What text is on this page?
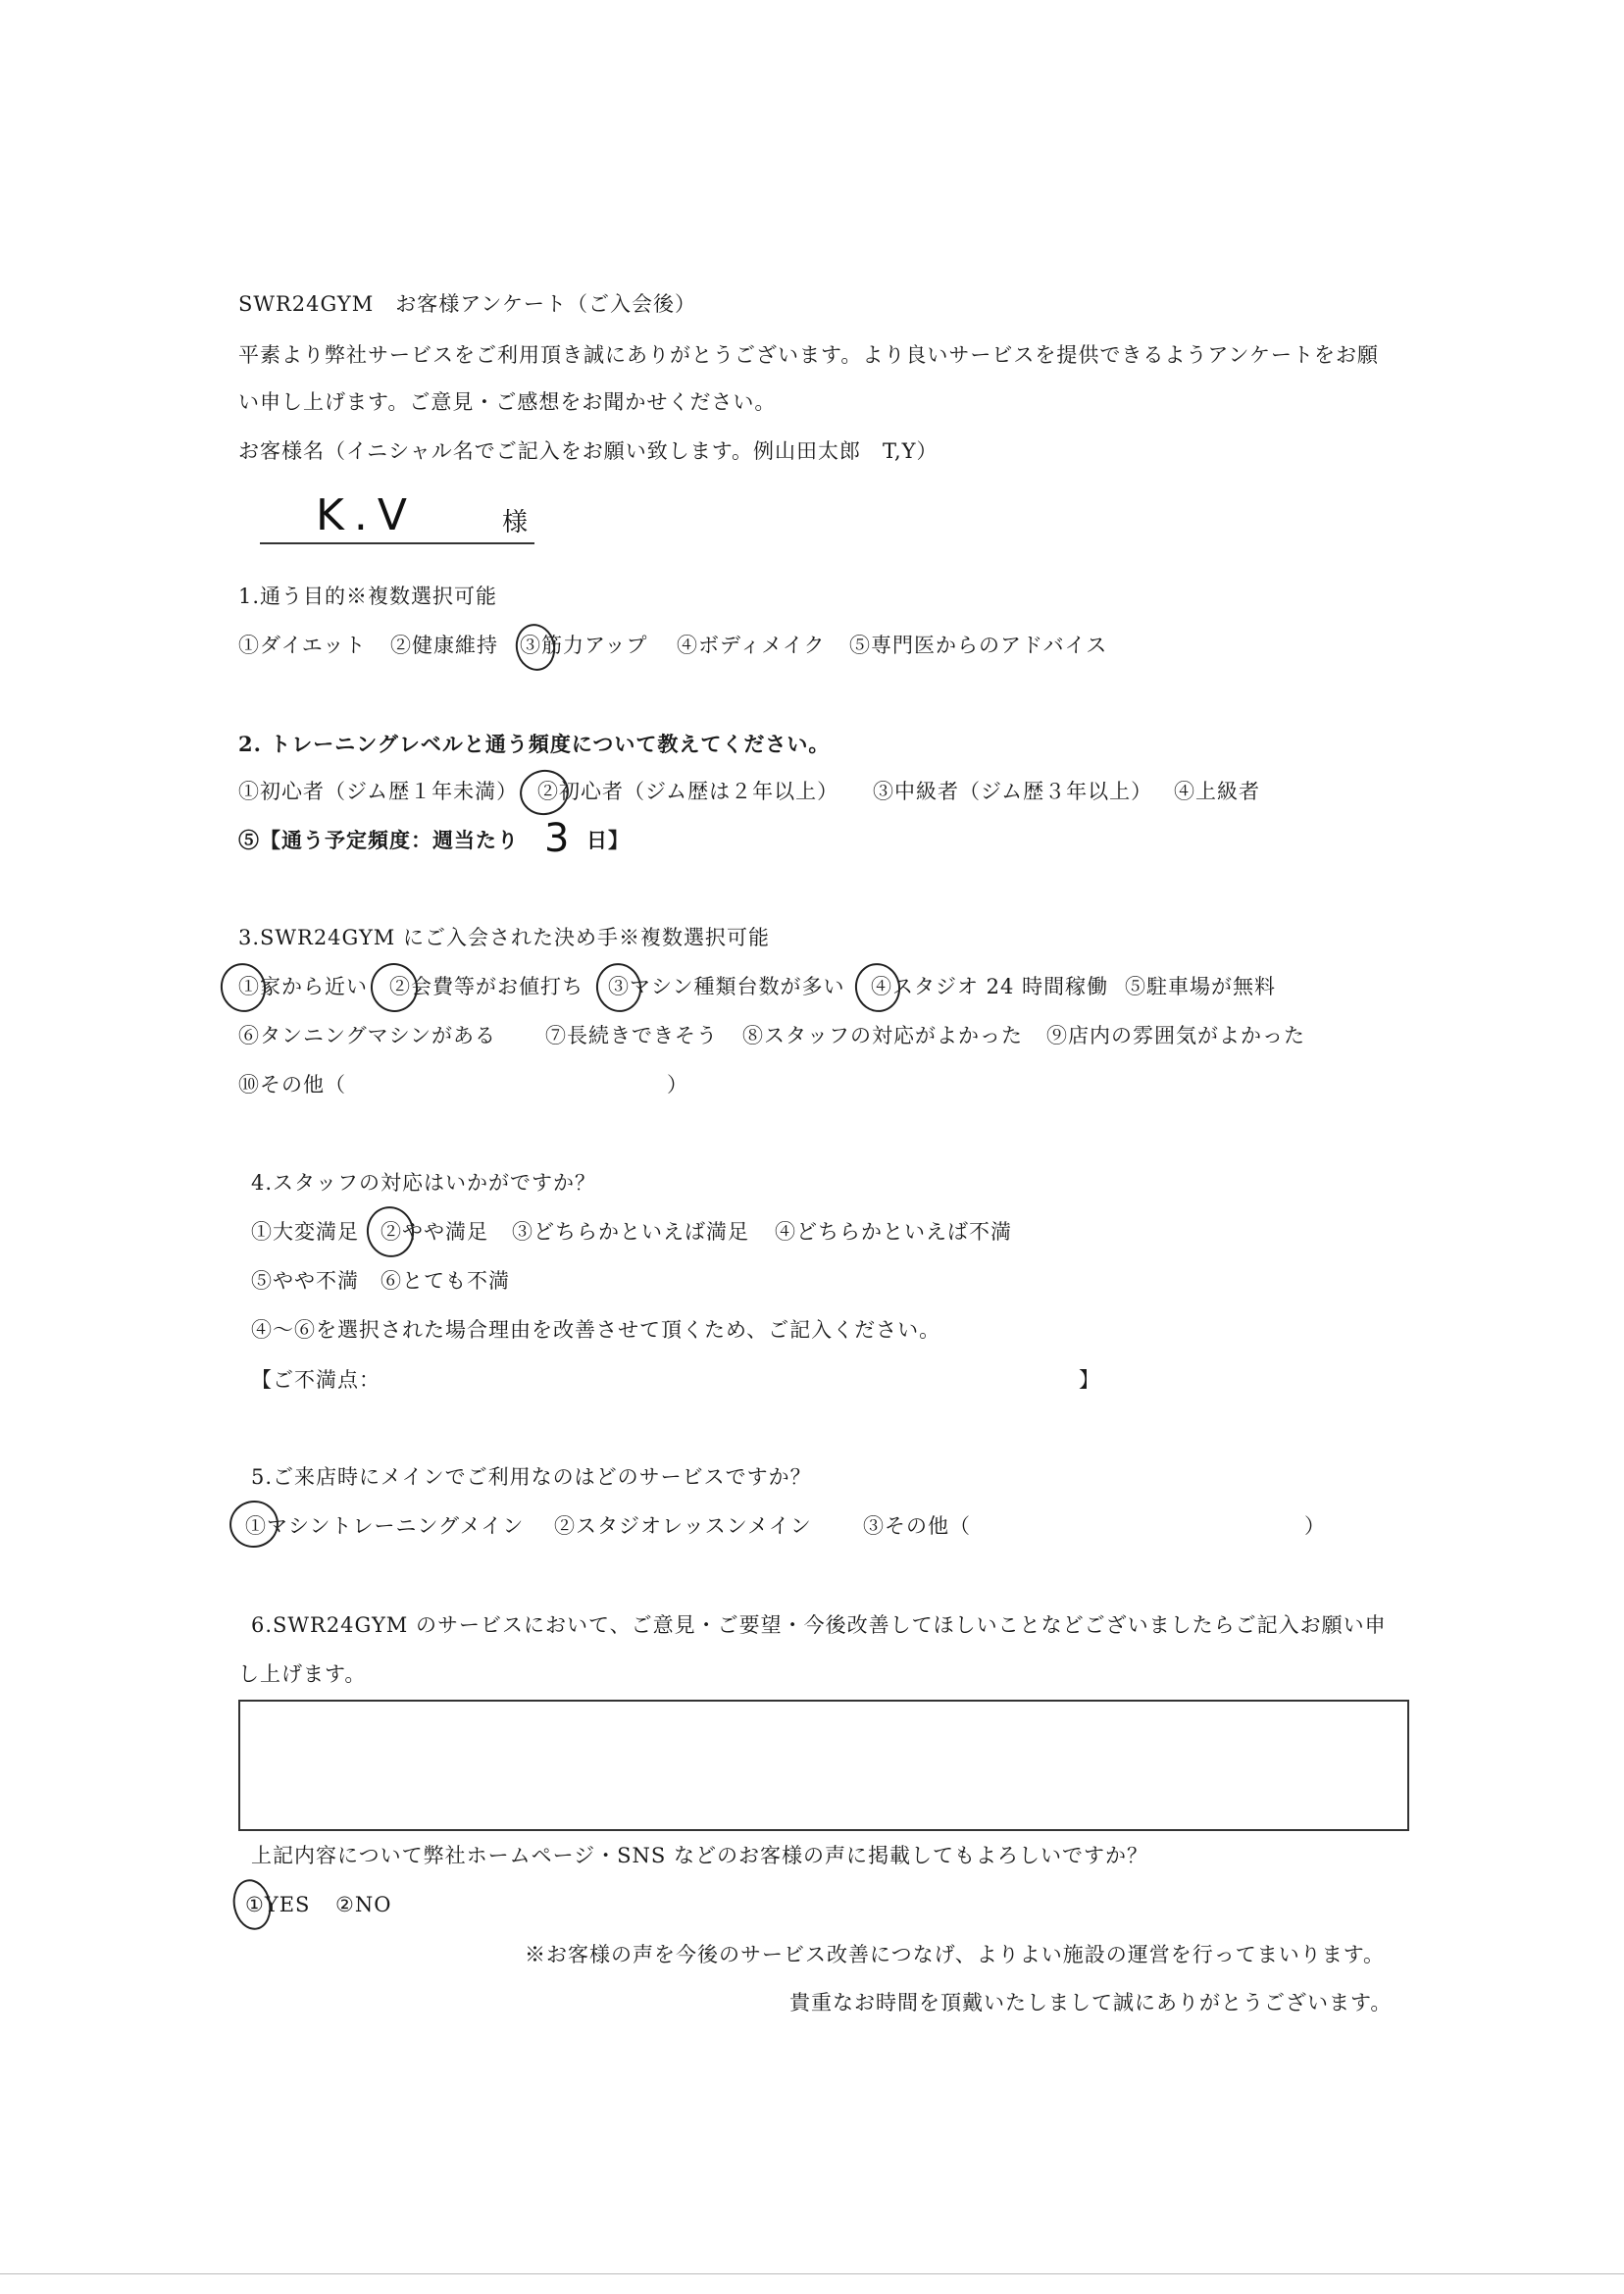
SWR24GYM　お客様アンケート（ご入会後）
平素より弊社サービスをご利用頂き誠にありがとうございます。より良いサービスを提供できるようアンケートをお願
い申し上げます。ご意見・ご感想をお聞かせください。
お客様名（イニシャル名でご記入をお願い致します。例山田太郎　T,Y）
K.V	様
1.通う目的※複数選択可能
①ダイエット ②健康維持 ③筋力アップ ④ボディメイク ⑤専門医からのアドバイス
2. トレーニングレベルと通う頻度について教えてください。
①初心者（ジム歴１年未満） ②初心者（ジム歴は２年以上） ③中級者（ジム歴３年以上） ④上級者
⑤【通う予定頻度：週当たり 3 日】
3.SWR24GYM にご入会された決め手※複数選択可能
①家から近い ②会費等がお値打ち ③マシン種類台数が多い ④スタジオ 24 時間稼働 ⑤駐車場が無料
⑥タンニングマシンがある ⑦長続きできそう ⑧スタッフの対応がよかった ⑨店内の雰囲気がよかった
⑩その他（	）
4.スタッフの対応はいかがですか？
①大変満足 ②やや満足 ③どちらかといえば満足 ④どちらかといえば不満
⑤やや不満 ⑥とても不満
④～⑥を選択された場合理由を改善させて頂くため、ご記入ください。
【ご不満点：	】
5.ご来店時にメインでご利用なのはどのサービスですか？
①マシントレーニングメイン ②スタジオレッスンメイン ③その他（	）
6.SWR24GYM のサービスにおいて、ご意見・ご要望・今後改善してほしいことなどございましたらご記入お願い申
し上げます。
上記内容について弊社ホームページ・SNS などのお客様の声に掲載してもよろしいですか？
①YES ②NO
※お客様の声を今後のサービス改善につなげ、よりよい施設の運営を行ってまいります。
貴重なお時間を頂戴いたしまして誠にありがとうございます。
